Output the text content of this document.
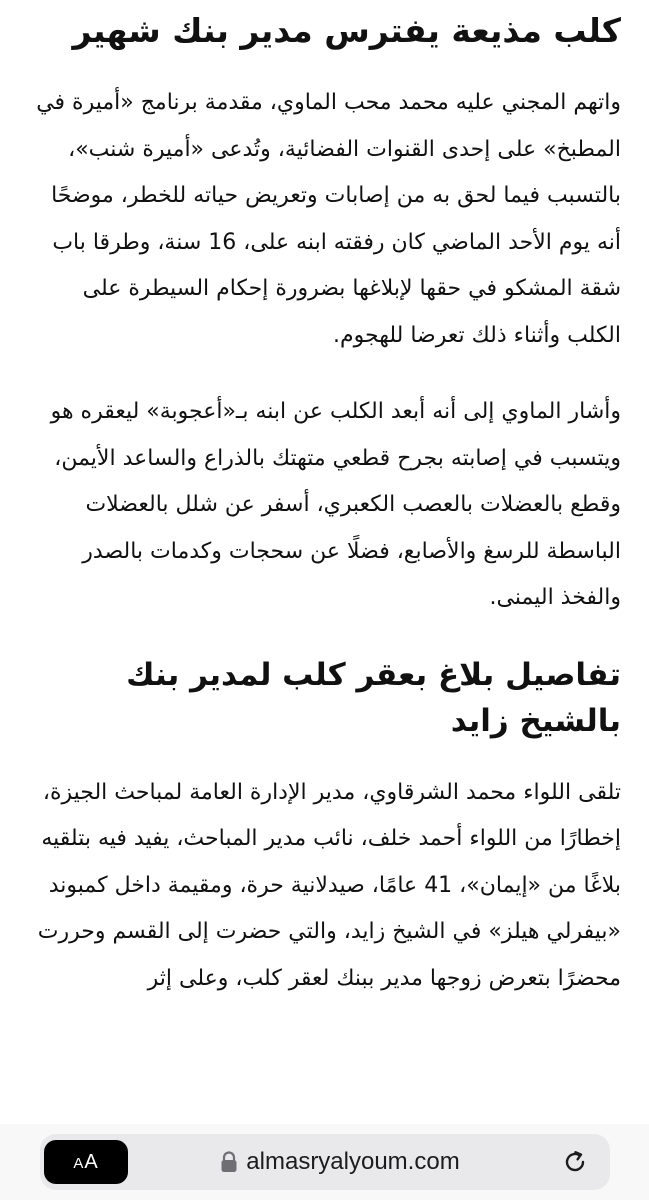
كلب مذيعة يفترس مدير بنك شهير

واتهم المجني عليه محمد محب الماوي، مقدمة برنامج «أميرة في المطبخ» على إحدى القنوات الفضائية، وتُدعى «أميرة شنب»، بالتسبب فيما لحق به من إصابات وتعريض حياته للخطر، موضحًا أنه يوم الأحد الماضي كان رفقته ابنه على، 16 سنة، وطرقا باب شقة المشكو في حقها لإبلاغها بضرورة إحكام السيطرة على الكلب وأثناء ذلك تعرضا للهجوم.

وأشار الماوي إلى أنه أبعد الكلب عن ابنه بـ«أعجوبة» ليعقره هو ويتسبب في إصابته بجرح قطعي متهتك بالذراع والساعد الأيمن، وقطع بالعضلات بالعصب الكعبري، أسفر عن شلل بالعضلات الباسطة للرسغ والأصابع، فضلًا عن سحجات وكدمات بالصدر والفخذ اليمنى.

تفاصيل بلاغ بعقر كلب لمدير بنك بالشيخ زايد

تلقى اللواء محمد الشرقاوي، مدير الإدارة العامة لمباحث الجيزة، إخطارًا من اللواء أحمد خلف، نائب مدير المباحث، يفيد فيه بتلقيه بلاغًا من «إيمان»، 41 عامًا، صيدلانية حرة، ومقيمة داخل كمبوند «بيفرلي هيلز» في الشيخ زايد، والتي حضرت إلى القسم وحررت محضرًا بتعرض زوجها مدير ببنك لعقر كلب، وعلى إثر

AA	almasryalyoum.com
